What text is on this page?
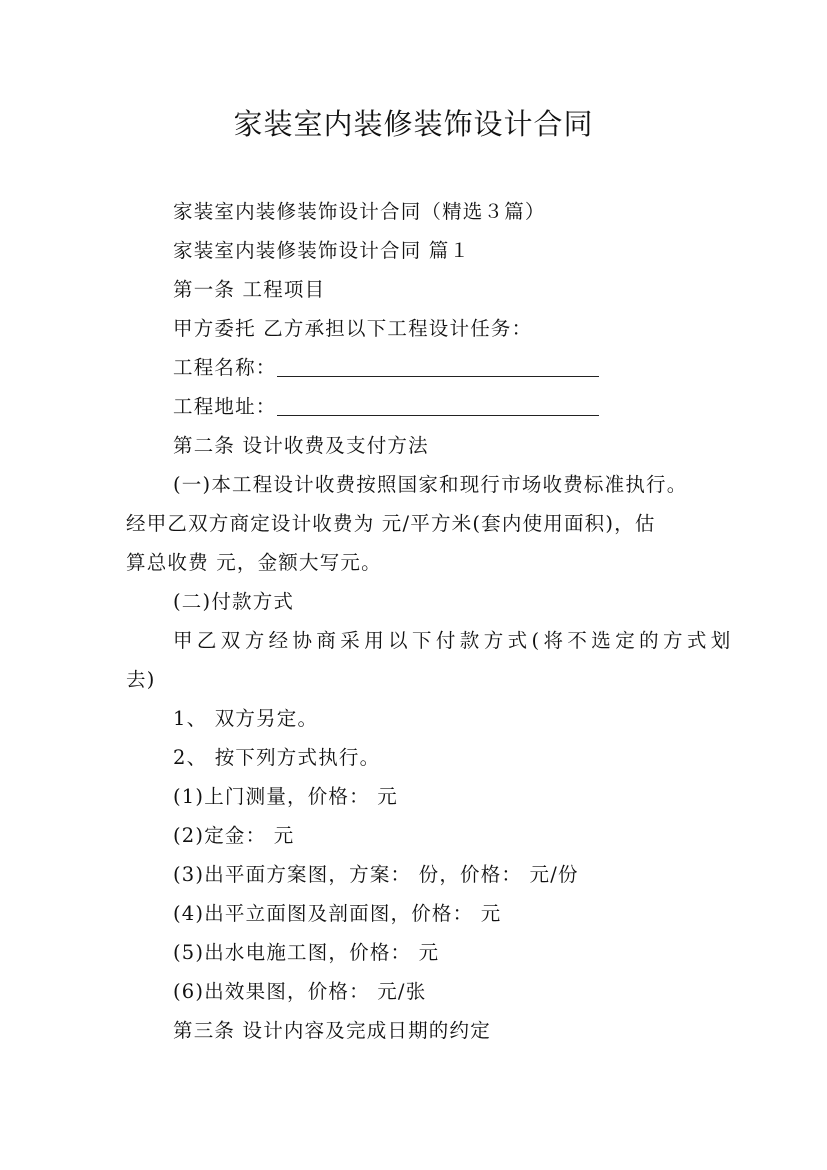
家装室内装修装饰设计合同
家装室内装修装饰设计合同（精选３篇）
家装室内装修装饰设计合同 篇１
第一条 工程项目
甲方委托 乙方承担以下工程设计任务：
工程名称：
工程地址：
第二条 设计收费及支付方法
(一)本工程设计收费按照国家和现行市场收费标准执行。
经甲乙双方商定设计收费为 元/平方米(套内使用面积)，估
算总收费 元，金额大写元。
(二)付款方式
甲乙双方经协商采用以下付款方式(将不选定的方式划
去)
1、 双方另定。
2、 按下列方式执行。
(1)上门测量，价格： 元
(2)定金： 元
(3)出平面方案图，方案： 份，价格： 元/份
(4)出平立面图及剖面图，价格： 元
(5)出水电施工图，价格： 元
(6)出效果图，价格： 元/张
第三条 设计内容及完成日期的约定
